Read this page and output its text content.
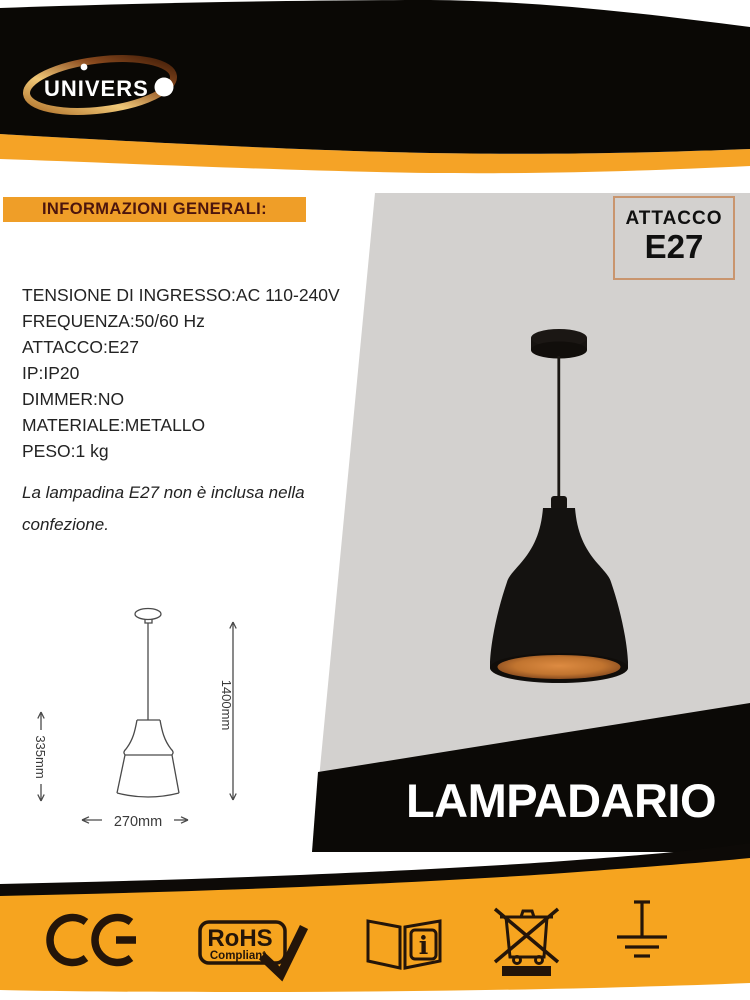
UNIVERS
335mm
1400mm
270mm
RoHS
Compliant	i
INFORMAZIONI GENERALI:	ATTACCO
E27
TENSIONE DI INGRESSO:AC 110-240V
FREQUENZA:50/60 Hz
ATTACCO:E27
IP:IP20
DIMMER:NO
MATERIALE:METALLO
PESO:1 kg
La lampadina E27 non è inclusa nella
confezione.
LAMPADARIO
